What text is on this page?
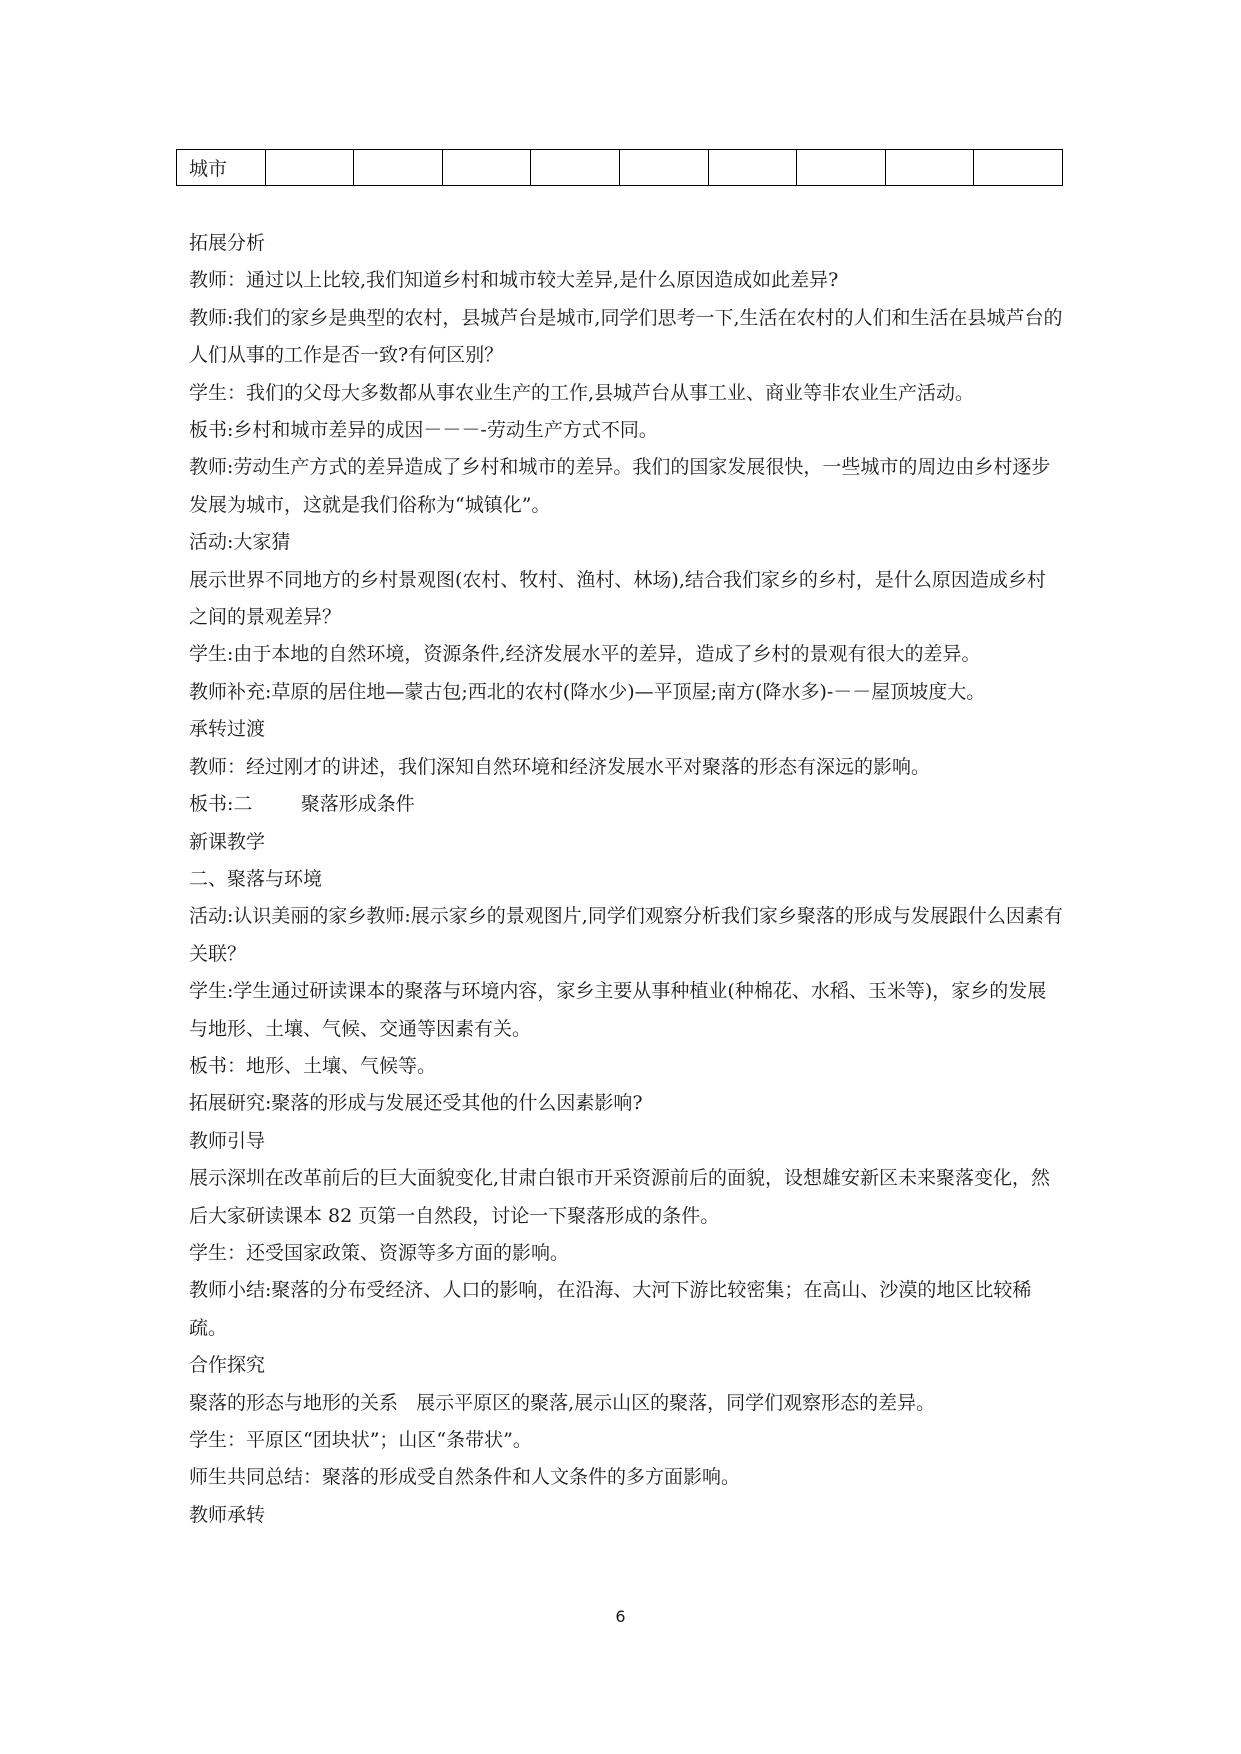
城市									

拓展分析

教师：通过以上比较,我们知道乡村和城市较大差异,是什么原因造成如此差异?

教师:我们的家乡是典型的农村，县城芦台是城市,同学们思考一下,生活在农村的人们和生活在县城芦台的人们从事的工作是否一致?有何区别？

学生：我们的父母大多数都从事农业生产的工作,县城芦台从事工业、商业等非农业生产活动。

板书:乡村和城市差异的成因－－－-劳动生产方式不同。

教师:劳动生产方式的差异造成了乡村和城市的差异。我们的国家发展很快，一些城市的周边由乡村逐步发展为城市，这就是我们俗称为“城镇化”。

活动:大家猜

展示世界不同地方的乡村景观图(农村、牧村、渔村、林场),结合我们家乡的乡村，是什么原因造成乡村之间的景观差异？

学生:由于本地的自然环境，资源条件,经济发展水平的差异，造成了乡村的景观有很大的差异。

教师补充:草原的居住地—蒙古包;西北的农村(降水少)—平顶屋;南方(降水多)-－－屋顶坡度大。

承转过渡

教师：经过刚才的讲述，我们深知自然环境和经济发展水平对聚落的形态有深远的影响。

板书:二        聚落形成条件

新课教学

二、聚落与环境

活动:认识美丽的家乡教师:展示家乡的景观图片,同学们观察分析我们家乡聚落的形成与发展跟什么因素有关联？

学生:学生通过研读课本的聚落与环境内容，家乡主要从事种植业(种棉花、水稻、玉米等)，家乡的发展与地形、土壤、气候、交通等因素有关。

板书：地形、土壤、气候等。

拓展研究:聚落的形成与发展还受其他的什么因素影响?

教师引导

展示深圳在改革前后的巨大面貌变化,甘肃白银市开采资源前后的面貌，设想雄安新区未来聚落变化，然后大家研读课本 82 页第一自然段，讨论一下聚落形成的条件。

学生：还受国家政策、资源等多方面的影响。

教师小结:聚落的分布受经济、人口的影响，在沿海、大河下游比较密集；在高山、沙漠的地区比较稀疏。

合作探究

聚落的形态与地形的关系   展示平原区的聚落,展示山区的聚落，同学们观察形态的差异。

学生：平原区“团块状”；山区“条带状”。

师生共同总结：聚落的形成受自然条件和人文条件的多方面影响。

教师承转

6
